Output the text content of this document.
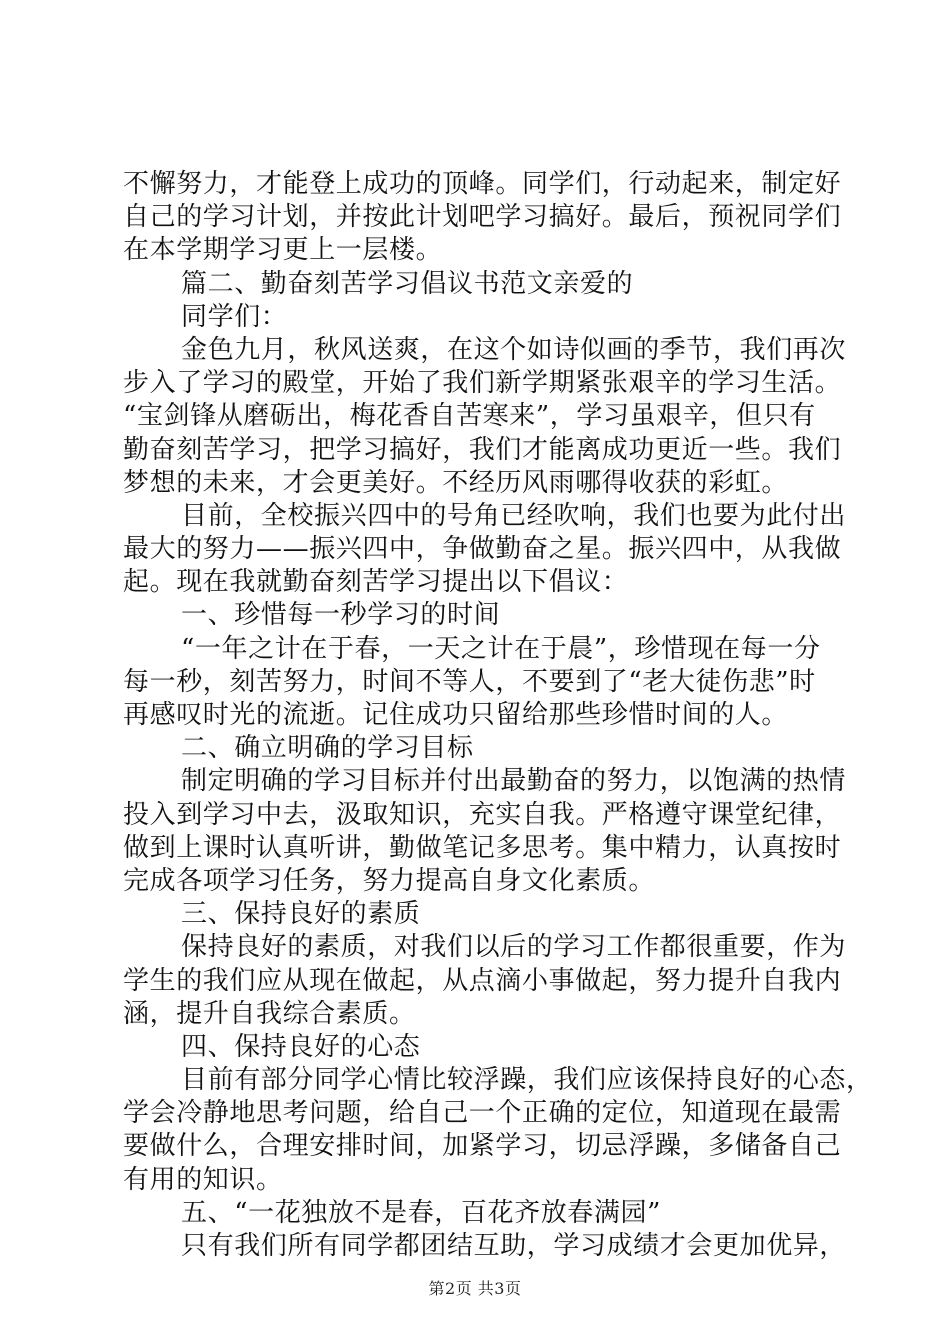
不懈努力，才能登上成功的顶峰。同学们，行动起来，制定好
自己的学习计划，并按此计划吧学习搞好。最后，预祝同学们
在本学期学习更上一层楼。
篇二、勤奋刻苦学习倡议书范文亲爱的
同学们：
金色九月，秋风送爽，在这个如诗似画的季节，我们再次
步入了学习的殿堂，开始了我们新学期紧张艰辛的学习生活。
“宝剑锋从磨砺出，梅花香自苦寒来”，学习虽艰辛，但只有
勤奋刻苦学习，把学习搞好，我们才能离成功更近一些。我们
梦想的未来，才会更美好。不经历风雨哪得收获的彩虹。
目前，全校振兴四中的号角已经吹响，我们也要为此付出
最大的努力——振兴四中，争做勤奋之星。振兴四中，从我做
起。现在我就勤奋刻苦学习提出以下倡议：
一、珍惜每一秒学习的时间
“一年之计在于春，一天之计在于晨”，珍惜现在每一分
每一秒，刻苦努力，时间不等人，不要到了“老大徒伤悲”时
再感叹时光的流逝。记住成功只留给那些珍惜时间的人。
二、确立明确的学习目标
制定明确的学习目标并付出最勤奋的努力，以饱满的热情
投入到学习中去，汲取知识，充实自我。严格遵守课堂纪律，
做到上课时认真听讲，勤做笔记多思考。集中精力，认真按时
完成各项学习任务，努力提高自身文化素质。
三、保持良好的素质
保持良好的素质，对我们以后的学习工作都很重要，作为
学生的我们应从现在做起，从点滴小事做起，努力提升自我内
涵，提升自我综合素质。
四、保持良好的心态
目前有部分同学心情比较浮躁，我们应该保持良好的心态，
学会冷静地思考问题，给自己一个正确的定位，知道现在最需
要做什么，合理安排时间，加紧学习，切忌浮躁，多储备自己
有用的知识。
五、“一花独放不是春，百花齐放春满园”
只有我们所有同学都团结互助，学习成绩才会更加优异，
第2页 共3页
